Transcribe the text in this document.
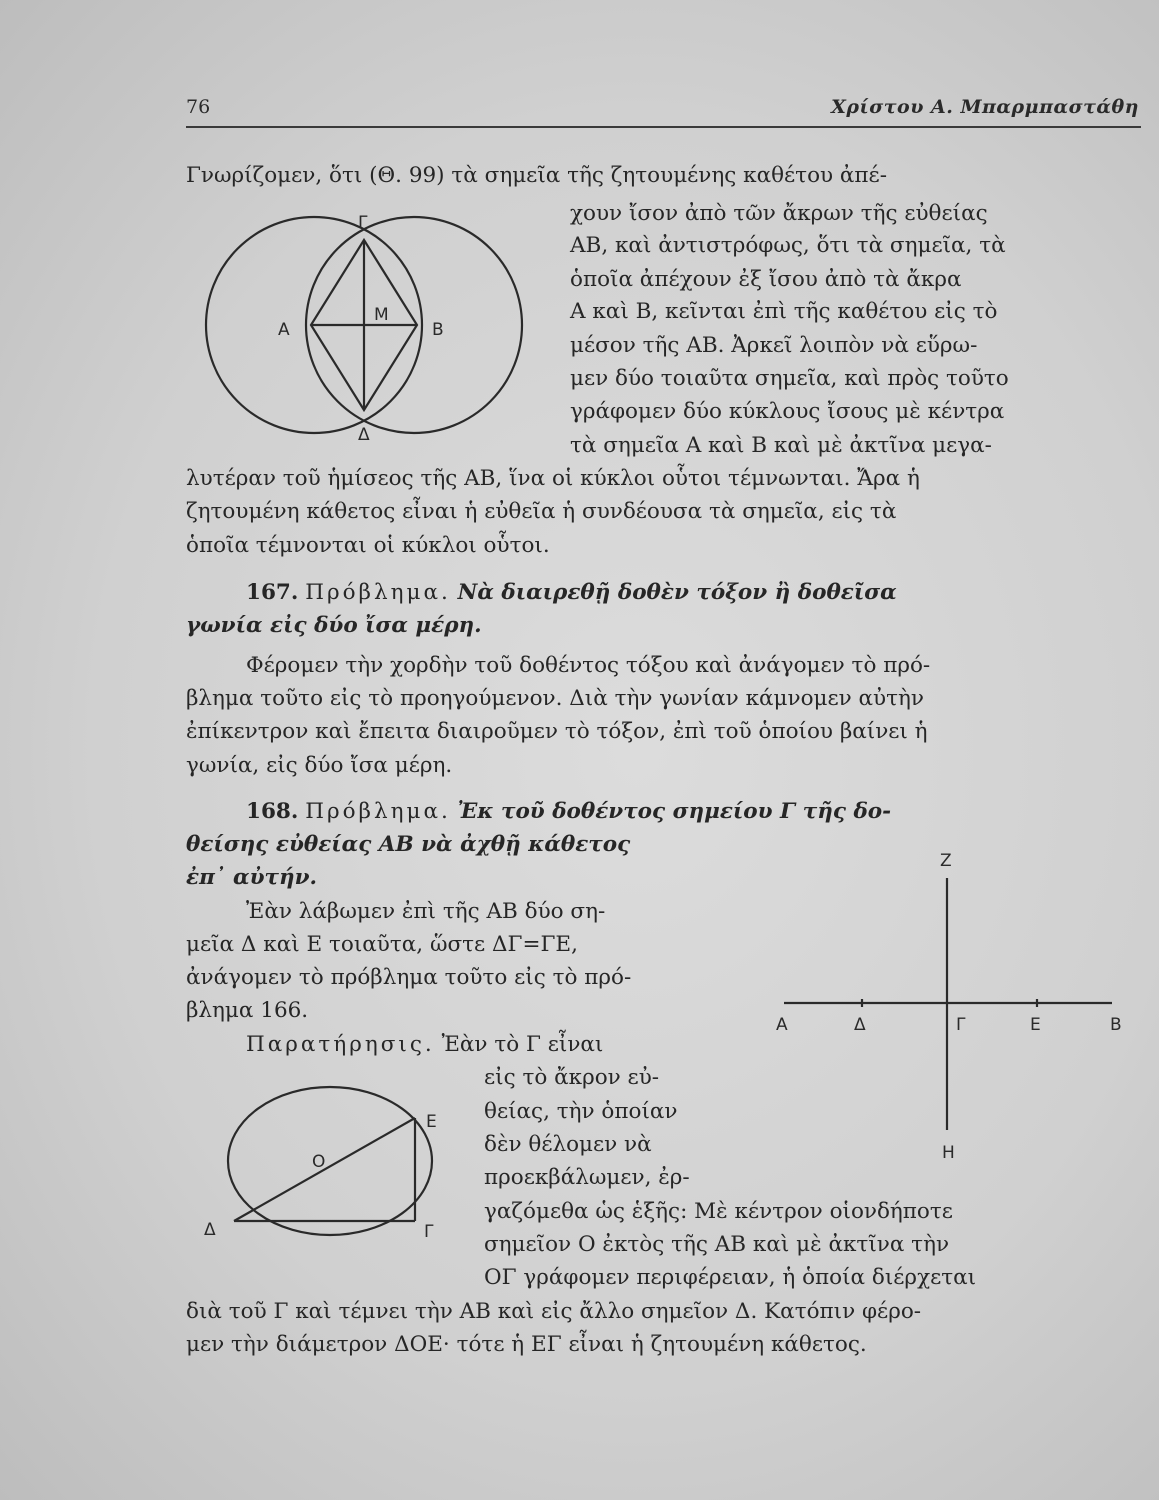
76	Χρίστου Α. Μπαρμπαστάθη
Γνωρίζομεν, ὅτι (Θ. 99) τὰ σημεῖα τῆς ζητουμένης καθέτου ἀπέ-
χουν ἴσον ἀπὸ τῶν ἄκρων τῆς εὐθείας
ΑΒ, καὶ ἀντιστρόφως, ὅτι τὰ σημεῖα, τὰ
ὁποῖα ἀπέχουν ἐξ ἴσου ἀπὸ τὰ ἄκρα
Α καὶ Β, κεῖνται ἐπὶ τῆς καθέτου εἰς τὸ
μέσον τῆς ΑΒ. Ἀρκεῖ λοιπὸν νὰ εὕρω-
μεν δύο τοιαῦτα σημεῖα, καὶ πρὸς τοῦτο
γράφομεν δύο κύκλους ἴσους μὲ κέντρα
τὰ σημεῖα Α καὶ Β καὶ μὲ ἀκτῖνα μεγα-
λυτέραν τοῦ ἡμίσεος τῆς ΑΒ, ἵνα οἱ κύκλοι οὗτοι τέμνωνται. Ἄρα ἡ
ζητουμένη κάθετος εἶναι ἡ εὐθεῖα ἡ συνδέουσα τὰ σημεῖα, εἰς τὰ
ὁποῖα τέμνονται οἱ κύκλοι οὗτοι.
Γ
Μ
Α	Β
Δ
167. Πρόβλημα. Νὰ διαιρεθῇ δοθὲν τόξον ἢ δοθεῖσα
γωνία εἰς δύο ἴσα μέρη.
Φέρομεν τὴν χορδὴν τοῦ δοθέντος τόξου καὶ ἀνάγομεν τὸ πρό-
βλημα τοῦτο εἰς τὸ προηγούμενον. Διὰ τὴν γωνίαν κάμνομεν αὐτὴν
ἐπίκεντρον καὶ ἔπειτα διαιροῦμεν τὸ τόξον, ἐπὶ τοῦ ὁποίου βαίνει ἡ
γωνία, εἰς δύο ἴσα μέρη.
168. Πρόβλημα. Ἐκ τοῦ δοθέντος σημείου Γ τῆς δο-
θείσης εὐθείας ΑΒ νὰ ἀχθῇ κάθετος
ἐπ᾽ αὐτήν.
Ἐὰν λάβωμεν ἐπὶ τῆς ΑΒ δύο ση-
μεῖα Δ καὶ Ε τοιαῦτα, ὥστε ΔΓ=ΓΕ,
ἀνάγομεν τὸ πρόβλημα τοῦτο εἰς τὸ πρό-
βλημα 166.
Ζ
Α	Δ	Γ	Ε	Β
Η
Παρατήρησις. Ἐὰν τὸ Γ εἶναι
εἰς τὸ ἄκρον εὐ-
θείας, τὴν ὁποίαν
δὲν θέλομεν νὰ
προεκβάλωμεν, ἐρ-
γαζόμεθα ὡς ἑξῆς: Μὲ κέντρον οἱονδήποτε
σημεῖον Ο ἐκτὸς τῆς ΑΒ καὶ μὲ ἀκτῖνα τὴν
ΟΓ γράφομεν περιφέρειαν, ἡ ὁποία διέρχεται
διὰ τοῦ Γ καὶ τέμνει τὴν ΑΒ καὶ εἰς ἄλλο σημεῖον Δ. Κατόπιν φέρο-
μεν τὴν διάμετρον ΔΟΕ· τότε ἡ ΕΓ εἶναι ἡ ζητουμένη κάθετος.
Ε
Ο
Δ	Γ
